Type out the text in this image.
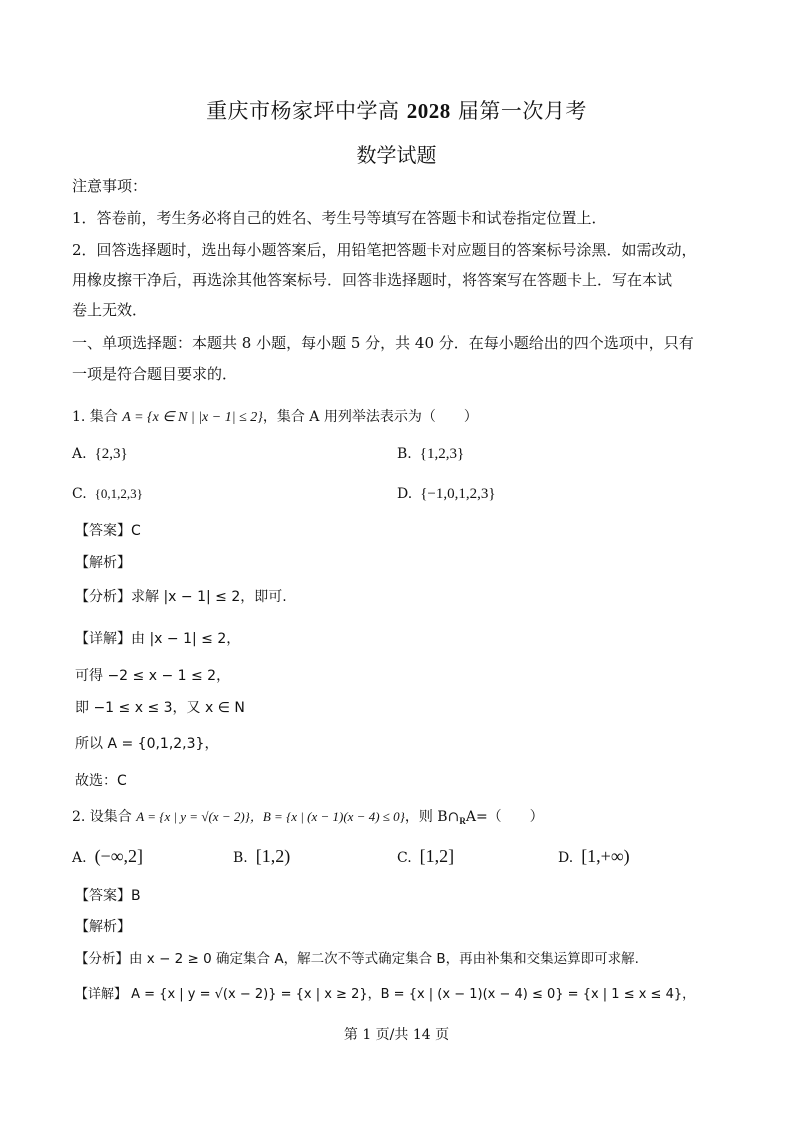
重庆市杨家坪中学高 2028 届第一次月考
数学试题
注意事项：
1．答卷前，考生务必将自己的姓名、考生号等填写在答题卡和试卷指定位置上．
2．回答选择题时，选出每小题答案后，用铅笔把答题卡对应题目的答案标号涂黑．如需改动，
用橡皮擦干净后，再选涂其他答案标号．回答非选择题时，将答案写在答题卡上．写在本试
卷上无效．
一、单项选择题：本题共 8 小题，每小题 5 分，共 40 分．在每小题给出的四个选项中，只有
一项是符合题目要求的．
1. 集合 A = {x ∈ N | |x − 1| ≤ 2}，集合 A 用列举法表示为（　　）
A. {2,3}	B. {1,2,3}
C. {0,1,2,3}	D. {−1,0,1,2,3}
【答案】C
【解析】
【分析】求解 |x − 1| ≤ 2，即可.
【详解】由 |x − 1| ≤ 2，
可得 −2 ≤ x − 1 ≤ 2，
即 −1 ≤ x ≤ 3，又 x ∈ N
所以 A = {0,1,2,3}，
故选：C
2. 设集合 A = {x | y = √(x − 2)}，B = {x | (x − 1)(x − 4) ≤ 0}，则 $B\cap_RA=$（　　）
A. (−∞,2]	B. [1,2)	C. [1,2]	D. [1,+∞)
【答案】B
【解析】
【分析】由 x − 2 ≥ 0 确定集合 A，解二次不等式确定集合 B，再由补集和交集运算即可求解.
【详解】 A = {x | y = √(x − 2)} = {x | x ≥ 2}，B = {x | (x − 1)(x − 4) ≤ 0} = {x | 1 ≤ x ≤ 4}，
第 1 页/共 14 页
